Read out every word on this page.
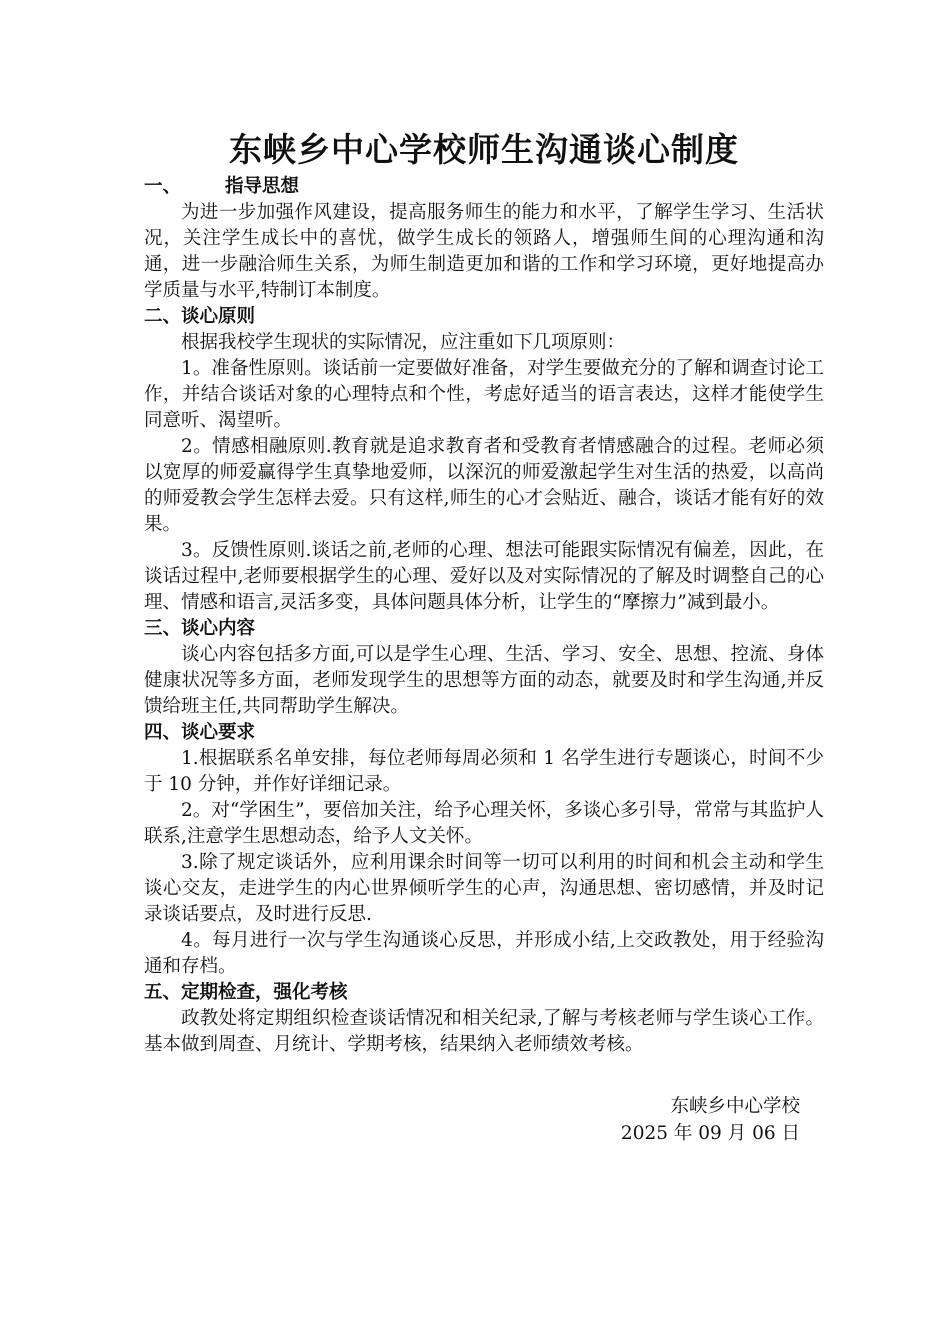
东峡乡中心学校师生沟通谈心制度

一、 指导思想

为进一步加强作风建设，提高服务师生的能力和水平，了解学生学习、生活状况，关注学生成长中的喜忧，做学生成长的领路人，增强师生间的心理沟通和沟通，进一步融洽师生关系，为师生制造更加和谐的工作和学习环境，更好地提高办学质量与水平,特制订本制度。

二、谈心原则

根据我校学生现状的实际情况，应注重如下几项原则：

1。准备性原则。谈话前一定要做好准备，对学生要做充分的了解和调查讨论工作，并结合谈话对象的心理特点和个性，考虑好适当的语言表达，这样才能使学生同意听、渴望听。

2。情感相融原则.教育就是追求教育者和受教育者情感融合的过程。老师必须以宽厚的师爱赢得学生真挚地爱师，以深沉的师爱激起学生对生活的热爱，以高尚的师爱教会学生怎样去爱。只有这样,师生的心才会贴近、融合，谈话才能有好的效果。

3。反馈性原则.谈话之前,老师的心理、想法可能跟实际情况有偏差，因此，在谈话过程中,老师要根据学生的心理、爱好以及对实际情况的了解及时调整自己的心理、情感和语言,灵活多变，具体问题具体分析，让学生的“摩擦力”减到最小。

三、谈心内容

谈心内容包括多方面,可以是学生心理、生活、学习、安全、思想、控流、身体健康状况等多方面，老师发现学生的思想等方面的动态，就要及时和学生沟通,并反馈给班主任,共同帮助学生解决。

四、谈心要求

1.根据联系名单安排，每位老师每周必须和 1 名学生进行专题谈心，时间不少于 10 分钟，并作好详细记录。

2。对“学困生”，要倍加关注，给予心理关怀，多谈心多引导，常常与其监护人联系,注意学生思想动态，给予人文关怀。

3.除了规定谈话外，应利用课余时间等一切可以利用的时间和机会主动和学生谈心交友，走进学生的内心世界倾听学生的心声，沟通思想、密切感情，并及时记录谈话要点，及时进行反思.

4。每月进行一次与学生沟通谈心反思，并形成小结,上交政教处，用于经验沟通和存档。

五、定期检查，强化考核

政教处将定期组织检查谈话情况和相关纪录,了解与考核老师与学生谈心工作。基本做到周查、月统计、学期考核，结果纳入老师绩效考核。

东峡乡中心学校
2025 年 09 月 06 日
